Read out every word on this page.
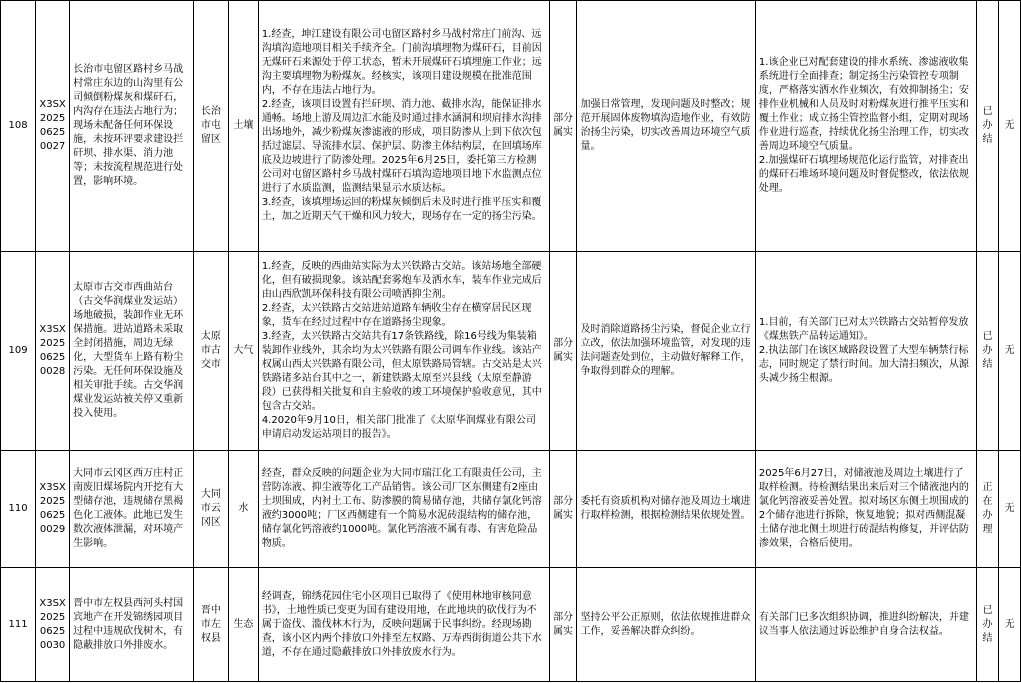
108	X3SX202506250027	长治市屯留区路村乡马战村常庄东边的山沟里有公司倾倒粉煤灰和煤矸石，内沟存在违法占地行为；现场未配备任何环保设施，未按环评要求建设拦矸坝、排水渠、消力池等；未按流程规范进行处置，影响环境。	长治市屯留区	土壤	1.经查，坤江建设有限公司屯留区路村乡马战村常庄门前沟、远沟填沟造地项目相关手续齐全。门前沟填埋物为煤矸石，目前因无煤矸石来源处于停工状态，暂未开展煤矸石填埋施工作业；远沟主要填埋物为粉煤灰。经核实，该项目建设规模在批准范围内，不存在违法占地行为。
2.经查，该项目设置有拦矸坝、消力池、截排水沟，能保证排水通畅。场地上游及周边汇水能及时通过排水涵洞和坝肩排水沟排出场地外，减少粉煤灰渗滤液的形成，项目防渗从上到下依次包括过滤层、导流排水层、保护层、防渗主体结构层，在回填场库底及边坡进行了防渗处理。2025年6月25日，委托第三方检测公司对屯留区路村乡马战村煤矸石填沟造地项目地下水监测点位进行了水质监测，监测结果显示水质达标。
3.经查，该填埋场运回的粉煤灰倾倒后未及时进行推平压实和覆土，加之近期天气干燥和风力较大，现场存在一定的扬尘污染。	部分属实	加强日常管理，发现问题及时整改；规范开展固体废物填沟造地作业，有效防治扬尘污染，切实改善周边环境空气质量。	1.该企业已对配套建设的排水系统、渗滤液收集系统进行全面排查；制定扬尘污染管控专项制度，严格落实洒水作业频次，有效抑制扬尘；安排作业机械和人员及时对粉煤灰进行推平压实和覆土作业；成立扬尘管控监督小组，定期对现场作业进行巡查，持续优化扬尘治理工作，切实改善周边环境空气质量。
2.加强煤矸石填埋场规范化运行监管，对排查出的煤矸石堆场环境问题及时督促整改，依法依规处理。	已办结	无
109	X3SX202506250028	太原市古交市西曲站台（古交华润煤业发运站）场地破损，装卸作业无环保措施。进站道路未采取全封闭措施，周边无绿化，大型货车上路有粉尘污染。无任何环保设施及相关审批手续。古交华润煤业发运站被关停又重新投入使用。	太原市古交市	大气	1.经查，反映的西曲站实际为太兴铁路古交站。该站场地全部硬化，但有破损现象。该站配套雾炮车及洒水车，装车作业完成后由山西欣凯环保科技有限公司喷洒抑尘剂。
2.经查，太兴铁路古交站进站道路车辆收尘存在横穿居民区现象，货车在经过过程中存在道路扬尘现象。
3.经查，太兴铁路古交站共有17条铁路线，除16号线为集装箱装卸作业线外，其余均为太兴铁路有限公司调车作业线。该站产权属山西太兴铁路有限公司，但太原铁路局管辖。古交站是太兴铁路诸多站台其中之一，新建铁路太原至兴县线（太原至静游段）已获得相关批复和自主验收的竣工环境保护验收意见，其中包含古交站。
4.2020年9月10日，相关部门批准了《太原华润煤业有限公司申请启动发运站项目的报告》。	部分属实	及时消除道路扬尘污染，督促企业立行立改，依法加强环境监管，对发现的违法问题查处到位，主动做好解释工作，争取得到群众的理解。	1.目前，有关部门已对太兴铁路古交站暂停发放《煤焦铁产品转运通知》。
2.执法部门在该区域路段设置了大型车辆禁行标志，同时规定了禁行时间。加大清扫频次，从源头减少扬尘根源。	已办结	无
110	X3SX202506250029	大同市云冈区西万庄村正南废旧煤场院内开挖有大型储存池，违规储存黑褐色化工液体。此地已发生数次液体泄漏，对环境产生影响。	大同市云冈区	水	经查，群众反映的问题企业为大同市瑞江化工有限责任公司，主营防冻液、抑尘液等化工产品销售。该公司厂区东侧建有2座由土坝围成，内衬土工布、防渗膜的简易储存池，共储存氯化钙溶液约3000吨；厂区西侧建有一个简易水泥砖混结构的储存池，储存氯化钙溶液约1000吨。氯化钙溶液不属有毒、有害危险品物质。	部分属实	委托有资质机构对储存池及周边土壤进行取样检测，根据检测结果依规处置。	2025年6月27日，对储液池及周边土壤进行了取样检测。待检测结果出来后对三个储液池内的氯化钙溶液妥善处置。拟对场区东侧土坝围成的2个储存池进行拆除，恢复地貌；拟对西侧混凝土储存池北侧土坝进行砖混结构修复，并评估防渗效果，合格后使用。	正在办理	无
111	X3SX202506250030	晋中市左权县西河头村国宾地产在开发锦绣园项目过程中违规砍伐树木，有隐蔽排放口外排废水。	晋中市左权县	生态	经调查，锦绣花园住宅小区项目已取得了《使用林地审核同意书》，土地性质已变更为国有建设用地，在此地块的砍伐行为不属于盗伐、滥伐林木行为，反映问题属于民事纠纷。经现场勘查，该小区内两个排放口外排至左权路、万寿西街街道公共下水道，不存在通过隐蔽排放口外排放废水行为。	部分属实	坚持公平公正原则，依法依规推进群众工作，妥善解决群众纠纷。	有关部门已多次组织协调，推进纠纷解决，并建议当事人依法通过诉讼维护自身合法权益。	已办结	无
